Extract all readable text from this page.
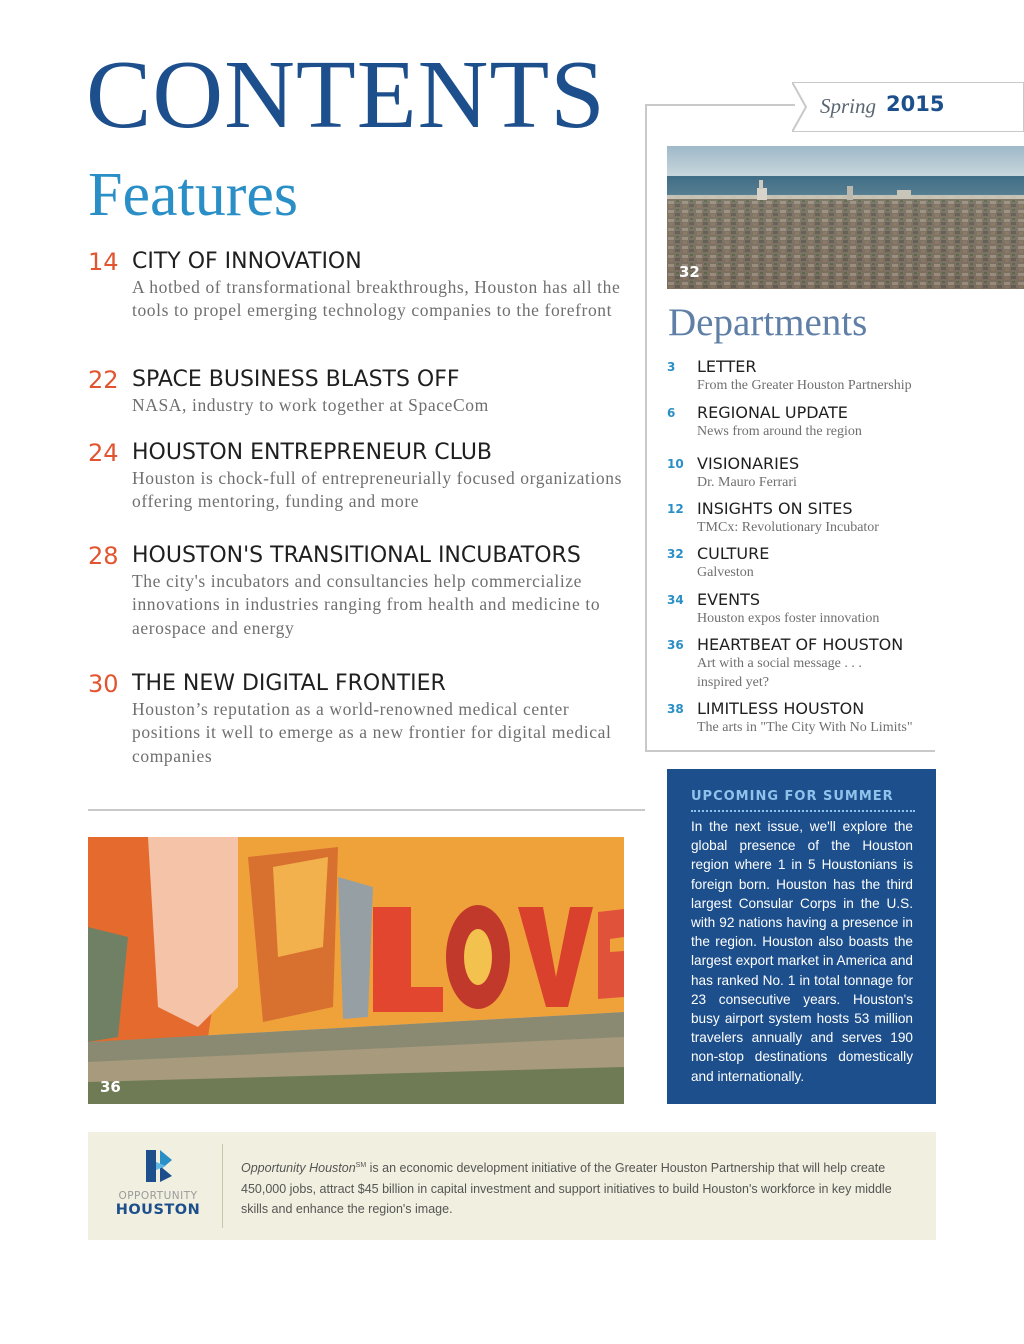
CONTENTS
Features
Spring 2015
14 CITY OF INNOVATION
A hotbed of transformational breakthroughs, Houston has all the tools to propel emerging technology companies to the forefront
22 SPACE BUSINESS BLASTS OFF
NASA, industry to work together at SpaceCom
24 HOUSTON ENTREPRENEUR CLUB
Houston is chock-full of entrepreneurially focused organizations offering mentoring, funding and more
28 HOUSTON'S TRANSITIONAL INCUBATORS
The city's incubators and consultancies help commercialize innovations in industries ranging from health and medicine to aerospace and energy
30 THE NEW DIGITAL FRONTIER
Houston’s reputation as a world-renowned medical center positions it well to emerge as a new frontier for digital medical companies
32
Departments
3	LETTER
From the Greater Houston Partnership
6	REGIONAL UPDATE
News from around the region
10 VISIONARIES
Dr. Mauro Ferrari
12 INSIGHTS ON SITES
TMCx: Revolutionary Incubator
32 CULTURE
Galveston
34 EVENTS
Houston expos foster innovation
36 HEARTBEAT OF HOUSTON
Art with a social message . . . inspired yet?
38 LIMITLESS HOUSTON
The arts in "The City With No Limits"
36
UPCOMING FOR SUMMER
In the next issue, we'll explore the global presence of the Houston region where 1 in 5 Houstonians is foreign born. Houston has the third largest Consular Corps in the U.S. with 92 nations having a presence in the region. Houston also boasts the largest export market in America and has ranked No. 1 in total tonnage for 23 consecutive years. Houston's busy airport system hosts 53 million travelers annually and serves 190 non-stop destinations domestically and internationally.
OPPORTUNITY
HOUSTON
Opportunity Houston℠ is an economic development initiative of the Greater Houston Partnership that will help create 450,000 jobs, attract $45 billion in capital investment and support initiatives to build Houston's workforce in key middle skills and enhance the region's image.
